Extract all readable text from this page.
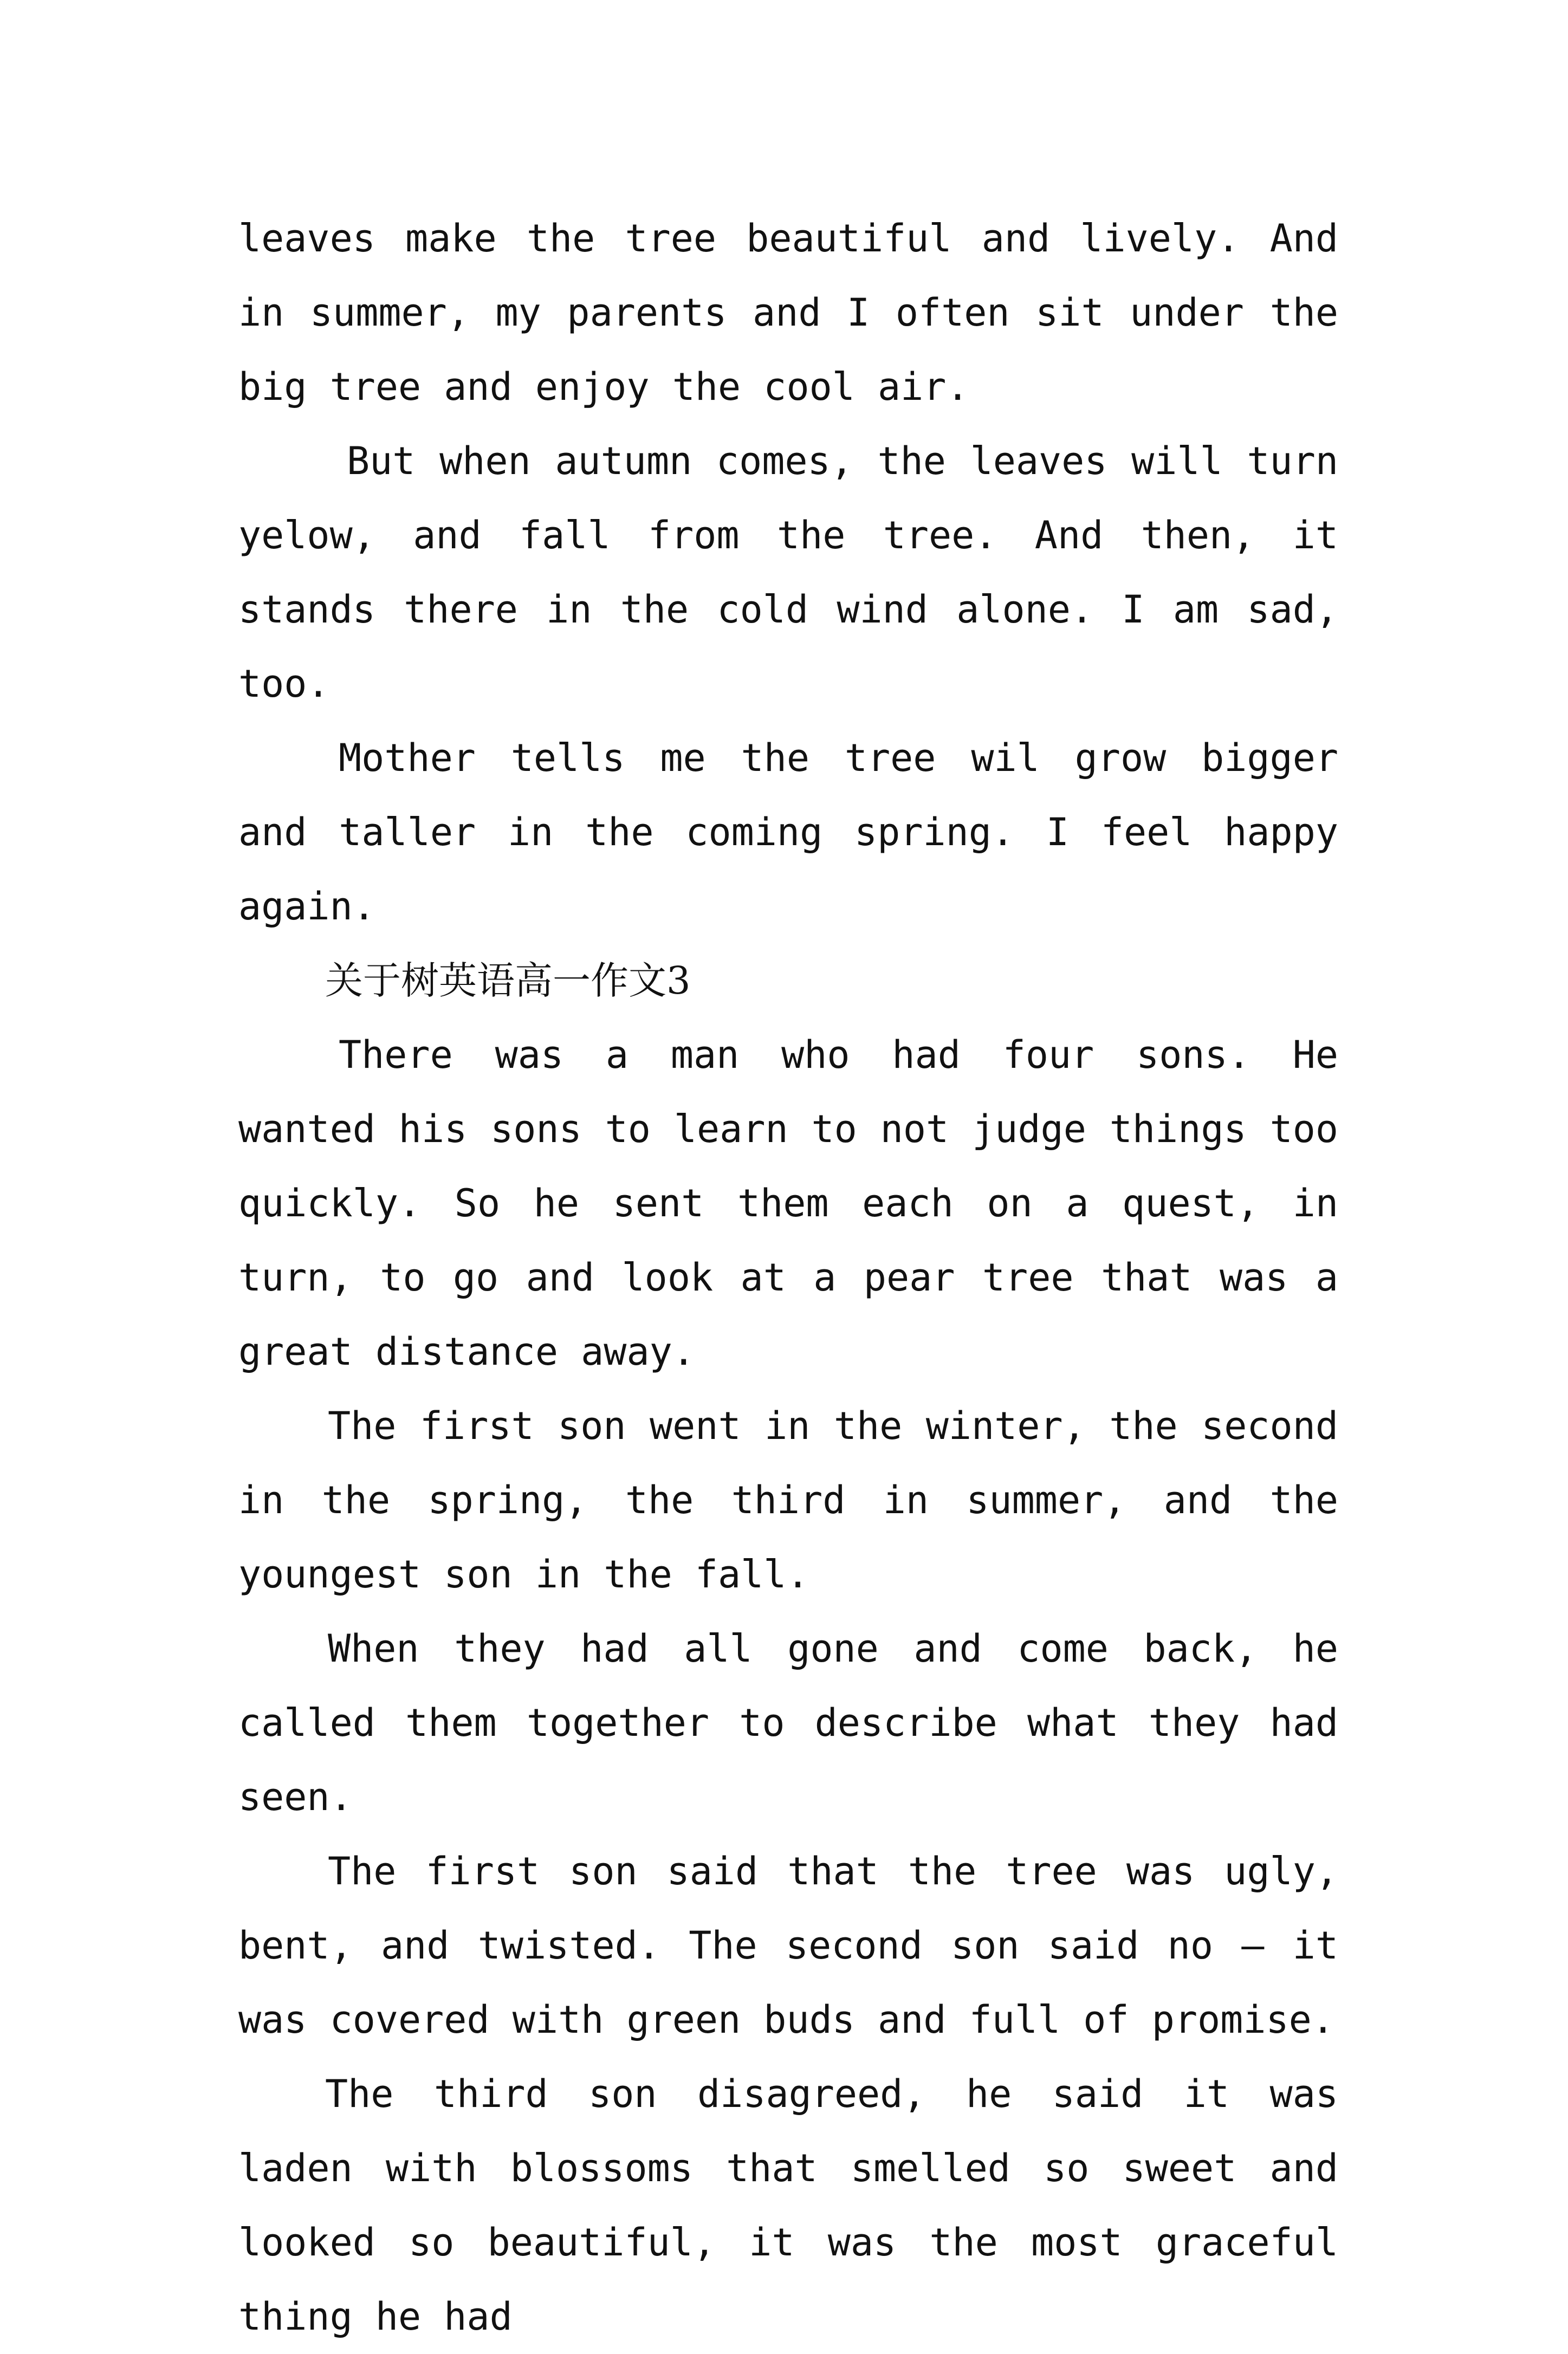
leaves make the tree beautiful and lively. And in summer, my parents and I often sit under the big tree and enjoy the cool air.

But when autumn comes, the leaves will turn yelow, and fall from the tree. And then, it stands there in the cold wind alone. I am sad, too.

Mother tells me the tree wil grow bigger and taller in the coming spring. I feel happy again.

关于树英语高一作文3

There was a man who had four sons. He wanted his sons to learn to not judge things too quickly. So he sent them each on a quest, in turn, to go and look at a pear tree that was a great distance away.

The first son went in the winter, the second in the spring, the third in summer, and the youngest son in the fall.

When they had all gone and come back, he called them together to describe what they had seen.

The first son said that the tree was ugly, bent, and twisted. The second son said no – it was covered with green buds and full of promise.

The third son disagreed, he said it was laden with blossoms that smelled so sweet and looked so beautiful, it was the most graceful thing he had
